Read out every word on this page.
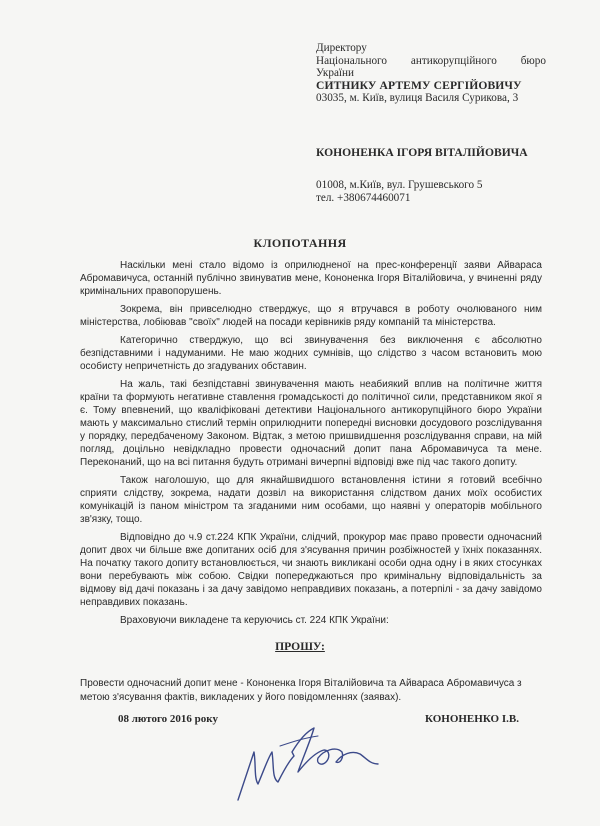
Директору
Національного антикорупційного бюро
України
СИТНИКУ АРТЕМУ СЕРГІЙОВИЧУ
03035, м. Київ, вулиця Василя Сурикова, 3
КОНОНЕНКА ІГОРЯ ВІТАЛІЙОВИЧА
01008, м.Київ, вул. Грушевського 5
тел. +380674460071
КЛОПОТАННЯ

Наскільки мені стало відомо із оприлюдненої на прес-конференції заяви Айвараса Абромавичуса, останній публічно звинуватив мене, Кононенка Ігоря Віталійовича, у вчиненні ряду кримінальних правопорушень.

Зокрема, він привселюдно стверджує, що я втручався в роботу очолюваного ним міністерства, лобіював "своїх" людей на посади керівників ряду компаній та міністерства.

Категорично стверджую, що всі звинувачення без виключення є абсолютно безпідставними і надуманими. Не маю жодних сумнівів, що слідство з часом встановить мою особисту непричетність до згадуваних обставин.

На жаль, такі безпідставні звинувачення мають неабиякий вплив на політичне життя країни та формують негативне ставлення громадськості до політичної сили, представником якої я є. Тому впевнений, що кваліфіковані детективи Національного антикорупційного бюро України мають у максимально стислий термін оприлюднити попередні висновки досудового розслідування у порядку, передбаченому Законом. Відтак, з метою пришвидшення розслідування справи, на мій погляд, доцільно невідкладно провести одночасний допит пана Абромавичуса та мене. Переконаний, що на всі питання будуть отримані вичерпні відповіді вже під час такого допиту.

Також наголошую, що для якнайшвидшого встановлення істини я готовий всебічно сприяти слідству, зокрема, надати дозвіл на використання слідством даних моїх особистих комунікацій із паном міністром та згаданими ним особами, що наявні у операторів мобільного зв'язку, тощо.

Відповідно до ч.9 ст.224 КПК України, слідчий, прокурор має право провести одночасний допит двох чи більше вже допитаних осіб для з'ясування причин розбіжностей у їхніх показаннях. На початку такого допиту встановлюється, чи знають викликані особи одна одну і в яких стосунках вони перебувають між собою. Свідки попереджаються про кримінальну відповідальність за відмову від дачі показань і за дачу завідомо неправдивих показань, а потерпілі - за дачу завідомо неправдивих показань.

Враховуючи викладене та керуючись ст. 224 КПК України:

ПРОШУ:
Провести одночасний допит мене - Кононенка Ігоря Віталійовича та Айвараса Абромавичуса з метою з'ясування фактів, викладених у його повідомленнях (заявах).
08 лютого 2016 року	КОНОНЕНКО І.В.
